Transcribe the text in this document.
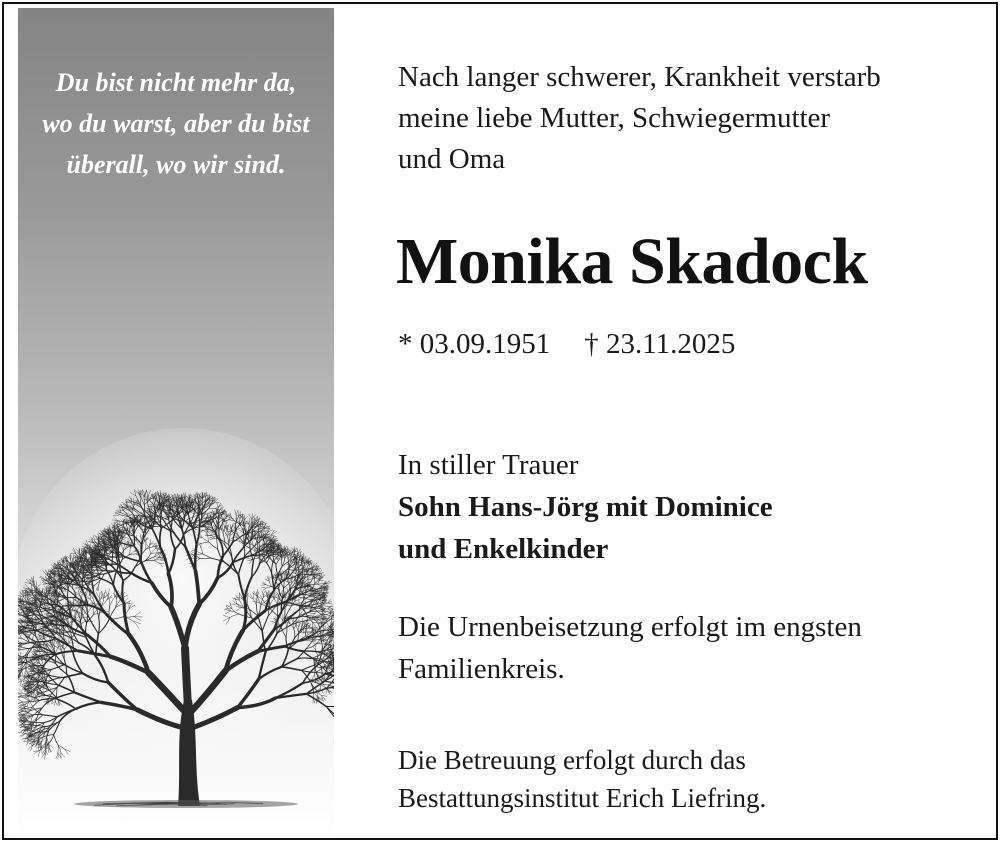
Du bist nicht mehr da,
wo du warst, aber du bist
überall, wo wir sind.
Nach langer schwerer, Krankheit verstarb
meine liebe Mutter, Schwiegermutter
und Oma
Monika Skadock
* 03.09.1951 † 23.11.2025
In stiller Trauer
Sohn Hans-Jörg mit Dominice
und Enkelkinder
Die Urnenbeisetzung erfolgt im engsten
Familienkreis.
Die Betreuung erfolgt durch das
Bestattungsinstitut Erich Liefring.
